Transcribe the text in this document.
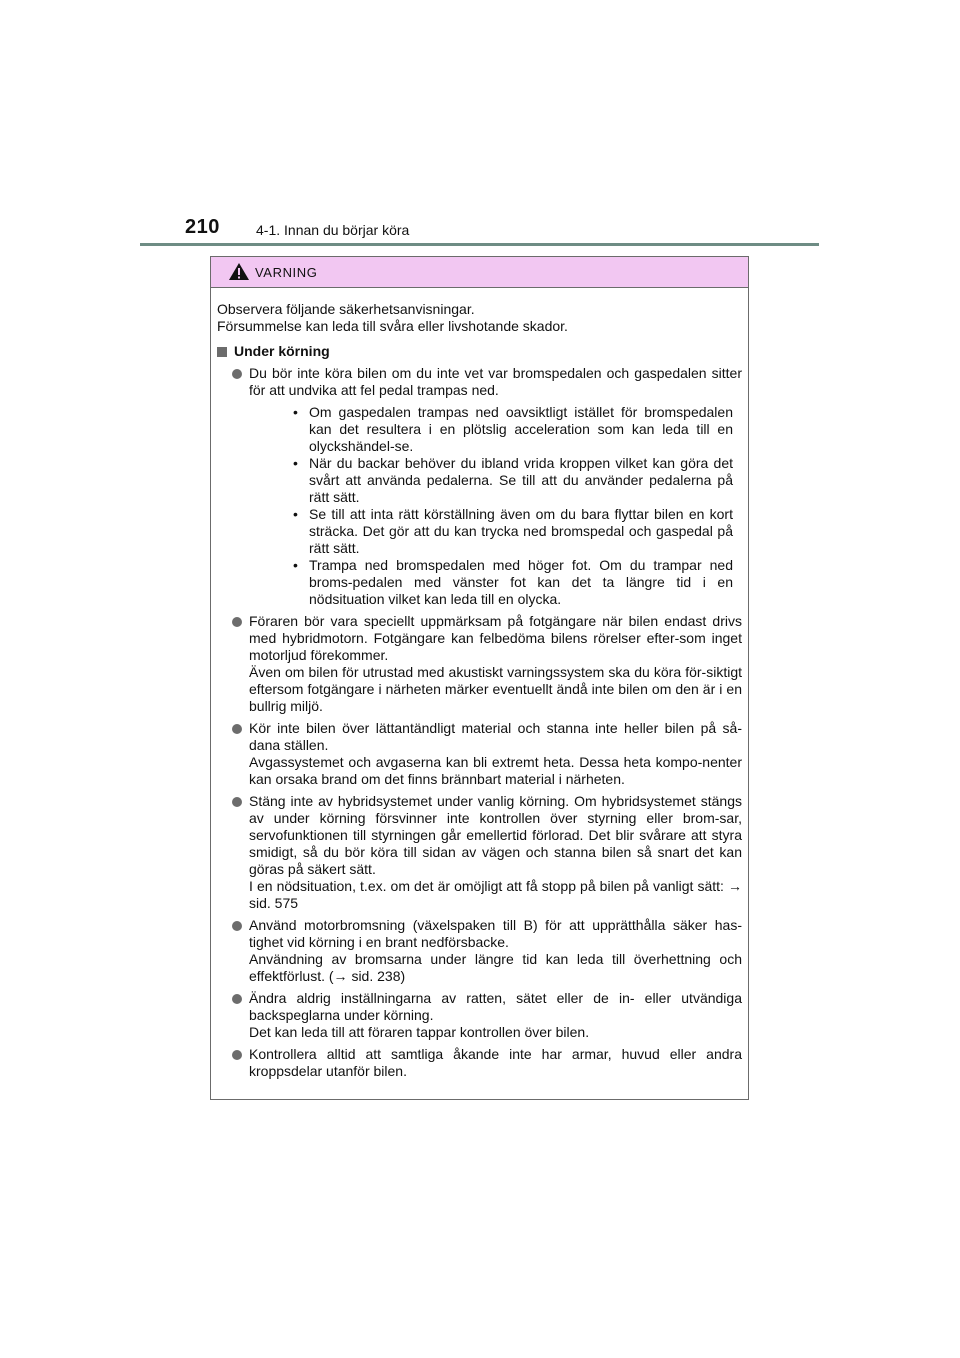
210	4-1. Innan du börjar köra
VARNING

Observera följande säkerhetsanvisningar.

Försummelse kan leda till svåra eller livshotande skador.

Under körning

Du bör inte köra bilen om du inte vet var bromspedalen och gaspedalen sitter för att undvika att fel pedal trampas ned.

• Om gaspedalen trampas ned oavsiktligt istället för bromspedalen kan det resultera i en plötslig acceleration som kan leda till en olyckshändel-se.
• När du backar behöver du ibland vrida kroppen vilket kan göra det svårt att använda pedalerna. Se till att du använder pedalerna på rätt sätt.
• Se till att inta rätt körställning även om du bara flyttar bilen en kort sträcka. Det gör att du kan trycka ned bromspedal och gaspedal på rätt sätt.
• Trampa ned bromspedalen med höger fot. Om du trampar ned broms-pedalen med vänster fot kan det ta längre tid i en nödsituation vilket kan leda till en olycka.

Föraren bör vara speciellt uppmärksam på fotgängare när bilen endast drivs med hybridmotorn. Fotgängare kan felbedöma bilens rörelser efter-som inget motorljud förekommer.

Även om bilen för utrustad med akustiskt varningssystem ska du köra för-siktigt eftersom fotgängare i närheten märker eventuellt ändå inte bilen om den är i en bullrig miljö.

Kör inte bilen över lättantändligt material och stanna inte heller bilen på så-dana ställen.

Avgassystemet och avgaserna kan bli extremt heta. Dessa heta kompo-nenter kan orsaka brand om det finns brännbart material i närheten.

Stäng inte av hybridsystemet under vanlig körning. Om hybridsystemet stängs av under körning försvinner inte kontrollen över styrning eller brom-sar, servofunktionen till styrningen går emellertid förlorad. Det blir svårare att styra smidigt, så du bör köra till sidan av vägen och stanna bilen så snart det kan göras på säkert sätt.

I en nödsituation, t.ex. om det är omöjligt att få stopp på bilen på vanligt sätt: → sid. 575

Använd motorbromsning (växelspaken till B) för att upprätthålla säker has-tighet vid körning i en brant nedförsbacke.

Användning av bromsarna under längre tid kan leda till överhettning och effektförlust. (→ sid. 238)

Ändra aldrig inställningarna av ratten, sätet eller de in- eller utvändiga backspeglarna under körning.

Det kan leda till att föraren tappar kontrollen över bilen.

Kontrollera alltid att samtliga åkande inte har armar, huvud eller andra kroppsdelar utanför bilen.
